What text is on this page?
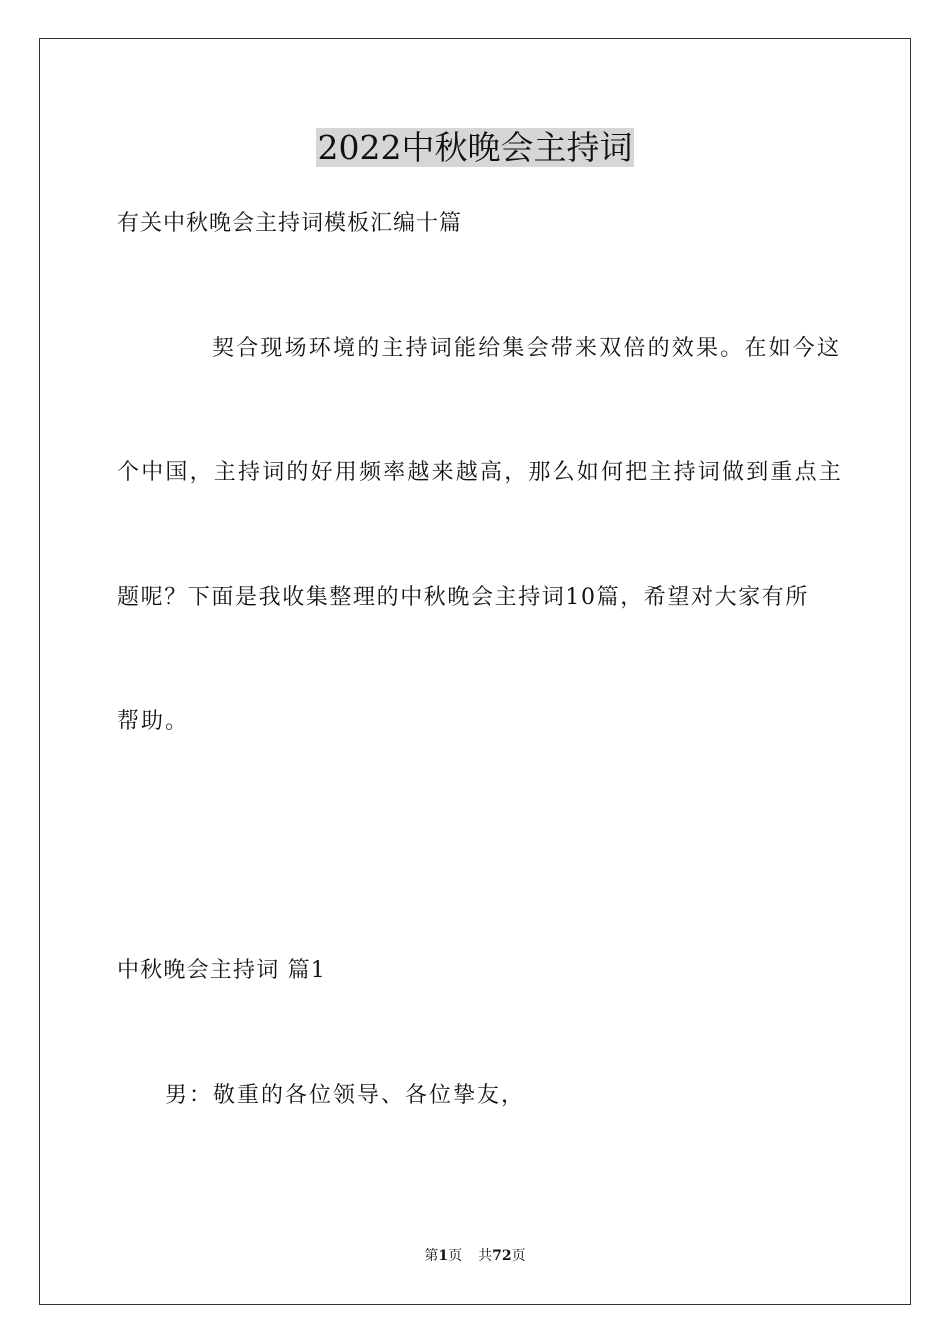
2022中秋晚会主持词
有关中秋晚会主持词模板汇编十篇
契合现场环境的主持词能给集会带来双倍的效果。在如今这
个中国，主持词的好用频率越来越高，那么如何把主持词做到重点主
题呢？下面是我收集整理的中秋晚会主持词10篇，希望对大家有所
帮助。
中秋晚会主持词 篇1
男：敬重的各位领导、各位挚友，
第1页 共72页
